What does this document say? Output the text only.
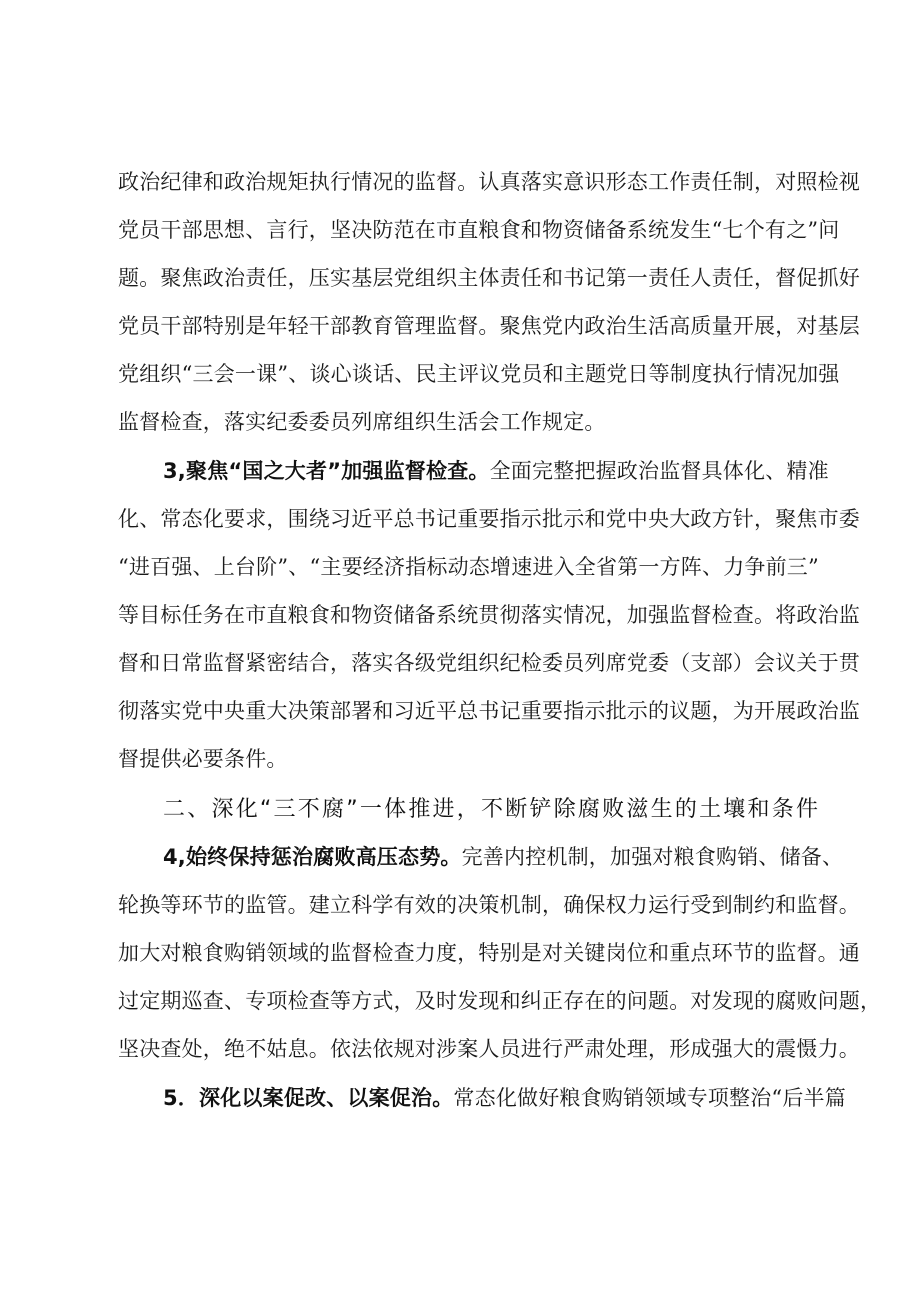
政治纪律和政治规矩执行情况的监督。认真落实意识形态工作责任制，对照检视
党员干部思想、言行，坚决防范在市直粮食和物资储备系统发生“七个有之”问
题。聚焦政治责任，压实基层党组织主体责任和书记第一责任人责任，督促抓好
党员干部特别是年轻干部教育管理监督。聚焦党内政治生活高质量开展，对基层
党组织“三会一课”、谈心谈话、民主评议党员和主题党日等制度执行情况加强
监督检查，落实纪委委员列席组织生活会工作规定。
3,聚焦“国之大者”加强监督检查。全面完整把握政治监督具体化、精准
化、常态化要求，围绕习近平总书记重要指示批示和党中央大政方针，聚焦市委
“进百强、上台阶”、“主要经济指标动态增速进入全省第一方阵、力争前三”
等目标任务在市直粮食和物资储备系统贯彻落实情况，加强监督检查。将政治监
督和日常监督紧密结合，落实各级党组织纪检委员列席党委（支部）会议关于贯
彻落实党中央重大决策部署和习近平总书记重要指示批示的议题，为开展政治监
督提供必要条件。
二、深化“三不腐”一体推进，不断铲除腐败滋生的土壤和条件
4,始终保持惩治腐败高压态势。完善内控机制，加强对粮食购销、储备、
轮换等环节的监管。建立科学有效的决策机制，确保权力运行受到制约和监督。
加大对粮食购销领域的监督检查力度，特别是对关键岗位和重点环节的监督。通
过定期巡查、专项检查等方式，及时发现和纠正存在的问题。对发现的腐败问题，
坚决查处，绝不姑息。依法依规对涉案人员进行严肃处理，形成强大的震慑力。
5．深化以案促改、以案促治。常态化做好粮食购销领域专项整治“后半篇
